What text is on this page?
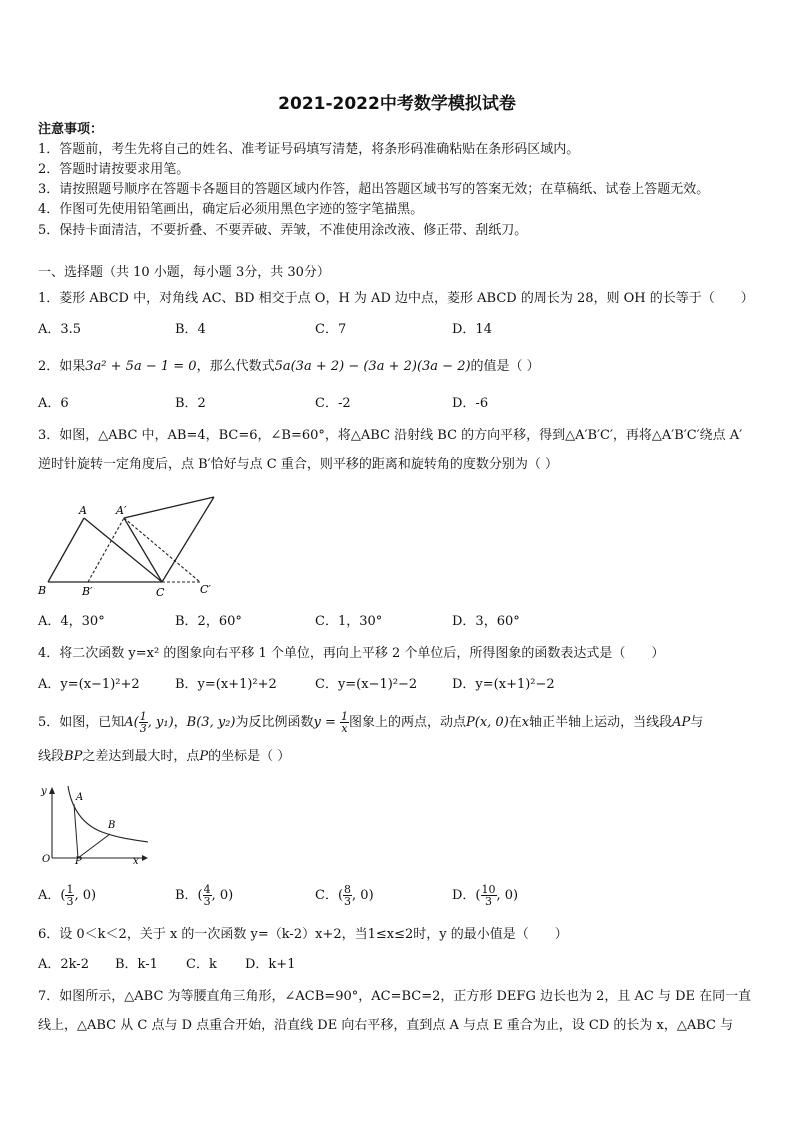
2021-2022中考数学模拟试卷
注意事项：
1．答题前，考生先将自己的姓名、准考证号码填写清楚，将条形码准确粘贴在条形码区域内。
2．答题时请按要求用笔。
3．请按照题号顺序在答题卡各题目的答题区域内作答，超出答题区域书写的答案无效；在草稿纸、试卷上答题无效。
4．作图可先使用铅笔画出，确定后必须用黑色字迹的签字笔描黑。
5．保持卡面清洁，不要折叠、不要弄破、弄皱，不准使用涂改液、修正带、刮纸刀。
一、选择题（共 10 小题，每小题 3分，共 30分）
1．菱形 ABCD 中，对角线 AC、BD 相交于点 O，H 为 AD 边中点，菱形 ABCD 的周长为 28，则 OH 的长等于（　　）
A．3.5	B．4	C．7	D．14
2．如果3a² + 5a − 1 = 0，那么代数式5a(3a + 2) − (3a + 2)(3a − 2)的值是（ ）
A．6	B．2	C．-2	D．-6
3．如图，△ABC 中，AB=4，BC=6，∠B=60°，将△ABC 沿射线 BC 的方向平移，得到△A′B′C′，再将△A′B′C′绕点 A′
逆时针旋转一定角度后，点 B′恰好与点 C 重合，则平移的距离和旋转角的度数分别为（ ）
A	A′
B	B′	C	C′
A．4，30°	B．2，60°	C．1，30°	D．3，60°
4．将二次函数 y=x² 的图象向右平移 1 个单位，再向上平移 2 个单位后，所得图象的函数表达式是（　　）
A．y=(x−1)²+2	B．y=(x+1)²+2	C．y=(x−1)²−2	D．y=(x+1)²−2
5．如图，已知$A( \frac{1}{3}$ , y₁)，B(3, y₂)为反比例函数$y = \frac{1}{x}$ 图象上的两点，动点P(x, 0)在x轴正半轴上运动，当线段AP与
线段BP之差达到最大时，点P的坐标是（ ）
y
A
B
O P	x
A．( $\frac{1}{3}$ , 0)	B．( $\frac{4}{3}$ , 0)	C．( $\frac{8}{3}$ , 0)	D．( $\frac{10}{3}$ , 0)
6．设 0＜k＜2，关于 x 的一次函数 y=（k-2）x+2，当1≤x≤2时，y 的最小值是（　　）
A．2k-2 B．k-1 C．k D．k+1
7．如图所示，△ABC 为等腰直角三角形，∠ACB=90°，AC=BC=2，正方形 DEFG 边长也为 2，且 AC 与 DE 在同一直
线上，△ABC 从 C 点与 D 点重合开始，沿直线 DE 向右平移，直到点 A 与点 E 重合为止，设 CD 的长为 x，△ABC 与
